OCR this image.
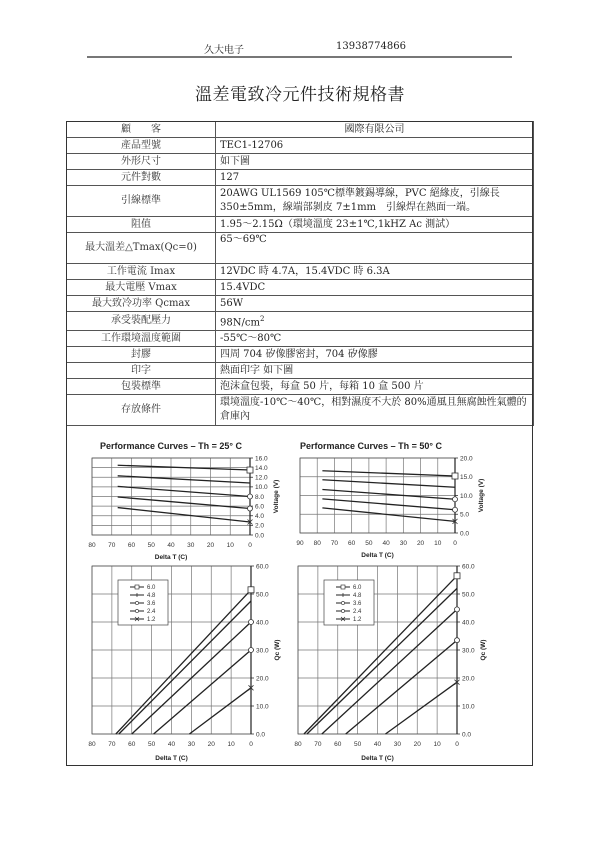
久大电子	13938774866
溫差電致冷元件技術規格書
顧　　客	國際有限公司
產品型號	TEC1-12706
外形尺寸	如下圖
元件對數	127
引線標準	20AWG UL1569 105℃標準鍍錫導線，PVC 絕緣皮，引線長 350±5mm，線端部剝皮 7±1mm　引線焊在熱面一端。
阻值	1.95～2.15Ω（環境溫度 23±1℃,1kHZ Ac 測試）
最大溫差△Tmax(Qc=0)	65～69℃
工作電流 Imax	12VDC 時 4.7A，15.4VDC 時 6.3A
最大電壓 Vmax	15.4VDC
最大致冷功率 Qcmax	56W
承受裝配壓力	$98N/cm^2$
工作環境溫度範圍	-55℃～80℃
封膠	四周 704 矽像膠密封，704 矽像膠
印字	熱面印字 如下圖
包裝標準	泡沫盒包裝，每盒 50 片，每箱 10 盒 500 片
存放條件	環境溫度-10℃～40℃，相對濕度不大於 80%通風且無腐蝕性氣體的倉庫內
80 70 60 50 40 30 20 10 0
0.0
2.0
4.0
6.0
8.0
10.0
12.0
14.0
16.0
Performance Curves – Th = 25° C
Delta T (C)
Voltage (V)
90 80 70 60 50 40 30 20 10 0
0.0
5.0
10.0
15.0
20.0
Performance Curves – Th = 50° C
Delta T (C)
Voltage (V)
80 70 60 50 40 30 20 10 0
0.0
10.0
20.0
30.0
40.0
50.0
60.0
Delta T (C)
Qc (W)
6.0
4.8
3.6
2.4
1.2
80 70 60 50 40 30 20 10 0
0.0
10.0
20.0
30.0
40.0
50.0
60.0
Delta T (C)
Qc (W)
6.0
4.8
3.6
2.4
1.2
